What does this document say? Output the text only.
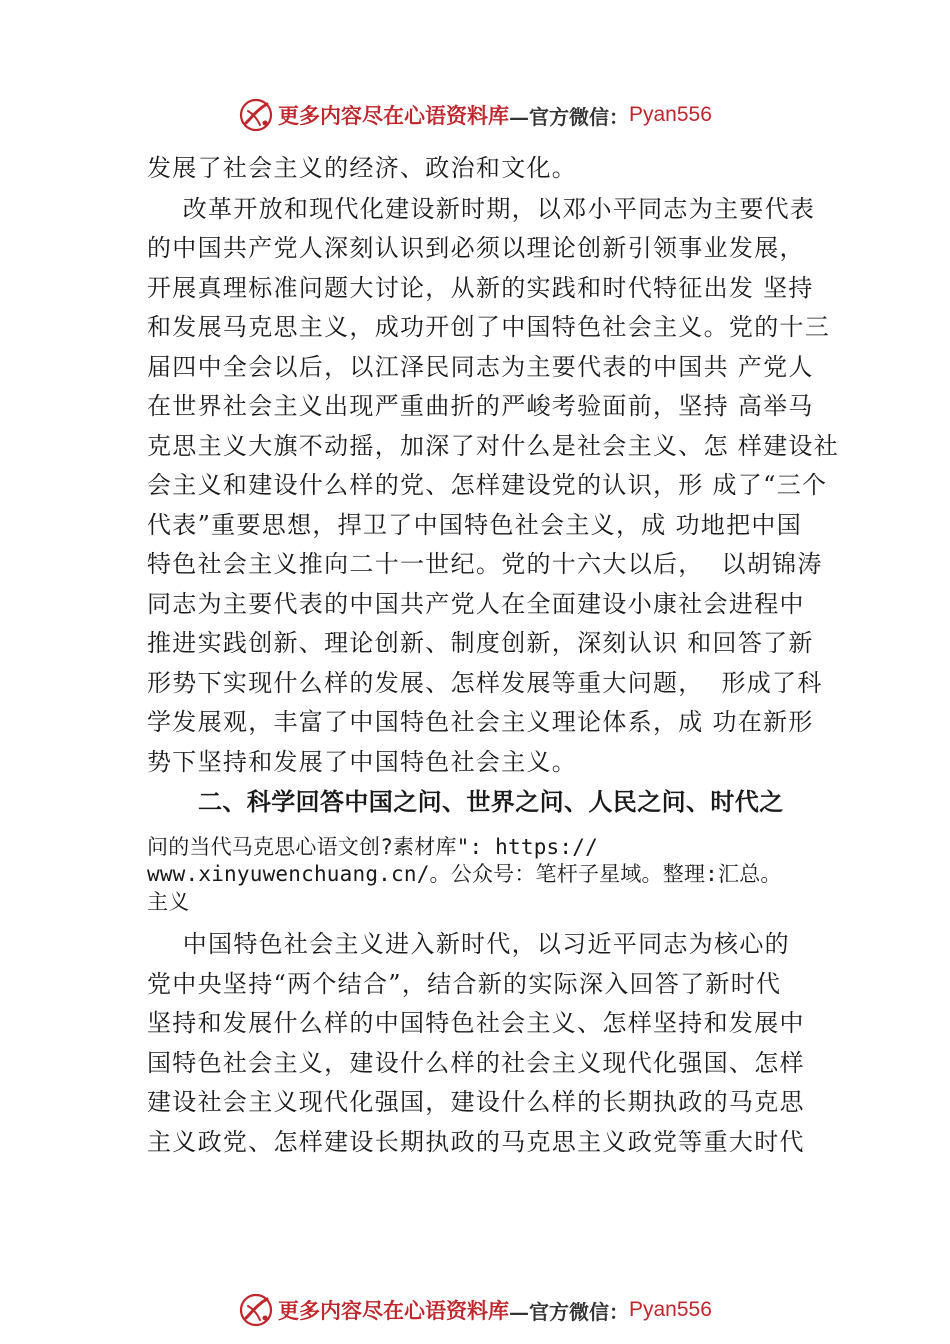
更多内容尽在心语资料库 —官方微信： Pyan556
发展了社会主义的经济、政治和文化。
改革开放和现代化建设新时期，以邓小平同志为主要代表
的中国共产党人深刻认识到必须以理论创新引领事业发展，
开展真理标准问题大讨论，从新的实践和时代特征出发 坚持
和发展马克思主义，成功开创了中国特色社会主义。党的十三
届四中全会以后，以江泽民同志为主要代表的中国共 产党人
在世界社会主义出现严重曲折的严峻考验面前，坚持 高举马
克思主义大旗不动摇，加深了对什么是社会主义、怎 样建设社
会主义和建设什么样的党、怎样建设党的认识，形 成了“三个
代表”重要思想，捍卫了中国特色社会主义，成 功地把中国
特色社会主义推向二十一世纪。党的十六大以后，  以胡锦涛
同志为主要代表的中国共产党人在全面建设小康社会进程中
推进实践创新、理论创新、制度创新，深刻认识 和回答了新
形势下实现什么样的发展、怎样发展等重大问题，  形成了科
学发展观，丰富了中国特色社会主义理论体系，成 功在新形
势下坚持和发展了中国特色社会主义。
二、科学回答中国之问、世界之问、人民之问、时代之
问的当代马克思心语文创?素材库": https://
www.xinyuwenchuang.cn/。公众号：笔杆子星域。整理:汇总。
主义
中国特色社会主义进入新时代，以习近平同志为核心的
党中央坚持“两个结合”，结合新的实际深入回答了新时代
坚持和发展什么样的中国特色社会主义、怎样坚持和发展中
国特色社会主义，建设什么样的社会主义现代化强国、怎样
建设社会主义现代化强国，建设什么样的长期执政的马克思
主义政党、怎样建设长期执政的马克思主义政党等重大时代
更多内容尽在心语资料库 —官方微信： Pyan556
